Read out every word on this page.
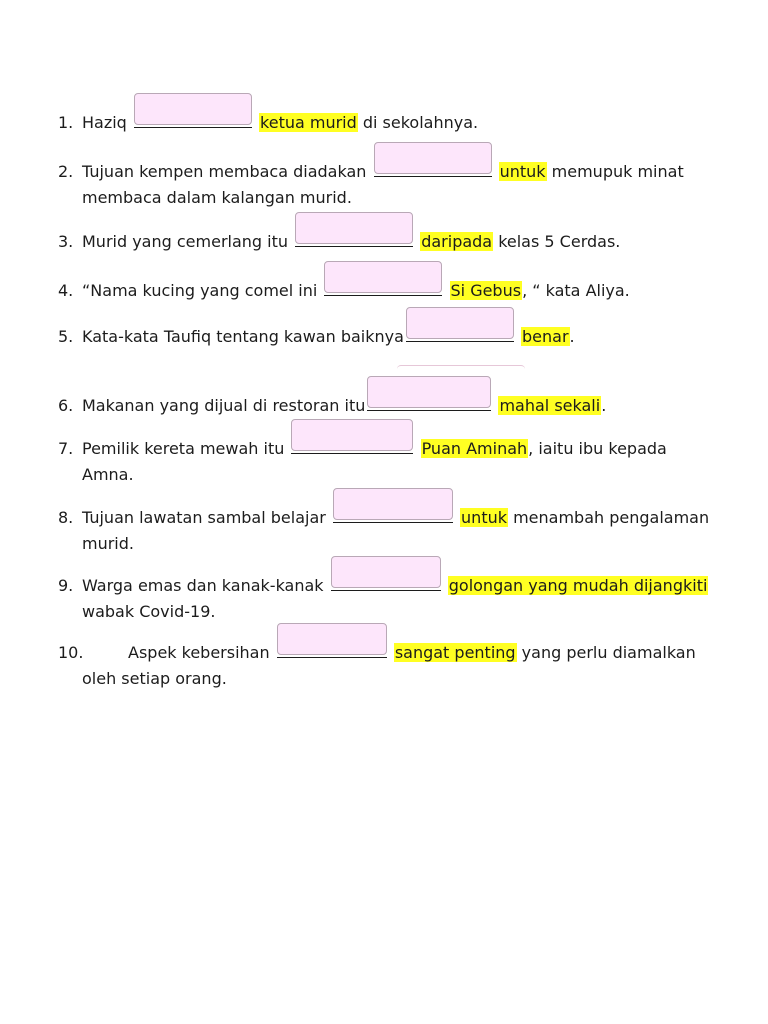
1. Haziq	ketua murid di sekolahnya.
2. Tujuan kempen membaca diadakan	untuk memupuk minat
membaca dalam kalangan murid.
3. Murid yang cemerlang itu	daripada kelas 5 Cerdas.
4. “Nama kucing yang comel ini	Si Gebus, “ kata Aliya.
5. Kata-kata Taufiq tentang kawan baiknya	benar.
6. Makanan yang dijual di restoran itu	mahal sekali.
7. Pemilik kereta mewah itu	Puan Aminah, iaitu ibu kepada
Amna.
8. Tujuan lawatan sambal belajar	untuk menambah pengalaman
murid.
9. Warga emas dan kanak-kanak	golongan yang mudah dijangkiti
wabak Covid-19.
10.	Aspek kebersihan	sangat penting yang perlu diamalkan
oleh setiap orang.
